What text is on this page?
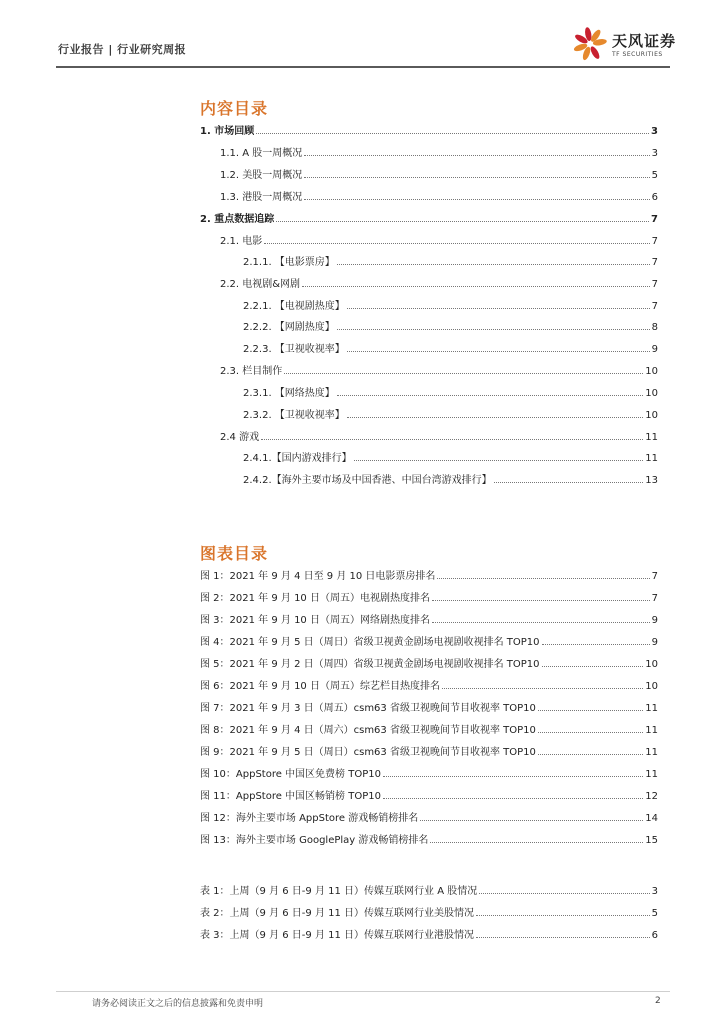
行业报告 | 行业研究周报	天风证券
TF SECURITIES
内容目录
1. 市场回顾	3
1.1. A 股一周概况	3
1.2. 美股一周概况	5
1.3. 港股一周概况	6
2. 重点数据追踪	7
2.1. 电影	7
2.1.1. 【电影票房】	7
2.2. 电视剧&网剧	7
2.2.1. 【电视剧热度】	7
2.2.2. 【网剧热度】	8
2.2.3. 【卫视收视率】	9
2.3. 栏目制作	10
2.3.1. 【网络热度】	10
2.3.2. 【卫视收视率】	10
2.4 游戏	11
2.4.1.【国内游戏排行】	11
2.4.2.【海外主要市场及中国香港、中国台湾游戏排行】	13
图表目录
图 1：2021 年 9 月 4 日至 9 月 10 日电影票房排名	7
图 2：2021 年 9 月 10 日（周五）电视剧热度排名	7
图 3：2021 年 9 月 10 日（周五）网络剧热度排名	9
图 4：2021 年 9 月 5 日（周日）省级卫视黄金剧场电视剧收视排名 TOP10	9
图 5：2021 年 9 月 2 日（周四）省级卫视黄金剧场电视剧收视排名 TOP10	10
图 6：2021 年 9 月 10 日（周五）综艺栏目热度排名	10
图 7：2021 年 9 月 3 日（周五）csm63 省级卫视晚间节目收视率 TOP10	11
图 8：2021 年 9 月 4 日（周六）csm63 省级卫视晚间节目收视率 TOP10	11
图 9：2021 年 9 月 5 日（周日）csm63 省级卫视晚间节目收视率 TOP10	11
图 10：AppStore 中国区免费榜 TOP10	11
图 11：AppStore 中国区畅销榜 TOP10	12
图 12：海外主要市场 AppStore 游戏畅销榜排名	14
图 13：海外主要市场 GooglePlay 游戏畅销榜排名	15
表 1：上周（9 月 6 日-9 月 11 日）传媒互联网行业 A 股情况	3
表 2：上周（9 月 6 日-9 月 11 日）传媒互联网行业美股情况	5
表 3：上周（9 月 6 日-9 月 11 日）传媒互联网行业港股情况	6
请务必阅读正文之后的信息披露和免责申明	2
